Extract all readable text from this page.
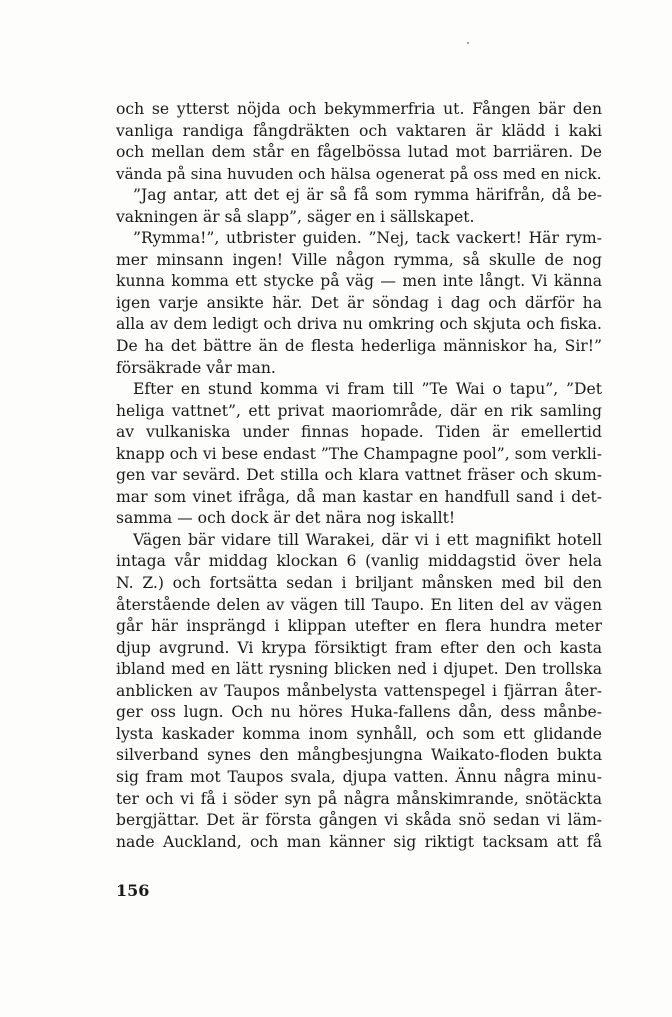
och se ytterst nöjda och bekymmerfria ut. Fången bär den
vanliga randiga fångdräkten och vaktaren är klädd i kaki
och mellan dem står en fågelbössa lutad mot barriären. De
vända på sina huvuden och hälsa ogenerat på oss med en nick.
”Jag antar, att det ej är så få som rymma härifrån, då be-
vakningen är så slapp”, säger en i sällskapet.
”Rymma!”, utbrister guiden. ”Nej, tack vackert! Här rym-
mer minsann ingen! Ville någon rymma, så skulle de nog
kunna komma ett stycke på väg — men inte långt. Vi känna
igen varje ansikte här. Det är söndag i dag och därför ha
alla av dem ledigt och driva nu omkring och skjuta och fiska.
De ha det bättre än de flesta hederliga människor ha, Sir!”
försäkrade vår man.
Efter en stund komma vi fram till ”Te Wai o tapu”, ”Det
heliga vattnet”, ett privat maoriområde, där en rik samling
av vulkaniska under finnas hopade. Tiden är emellertid
knapp och vi bese endast ”The Champagne pool”, som verkli-
gen var sevärd. Det stilla och klara vattnet fräser och skum-
mar som vinet ifråga, då man kastar en handfull sand i det-
samma — och dock är det nära nog iskallt!
Vägen bär vidare till Warakei, där vi i ett magnifikt hotell
intaga vår middag klockan 6 (vanlig middagstid över hela
N. Z.) och fortsätta sedan i briljant månsken med bil den
återstående delen av vägen till Taupo. En liten del av vägen
går här insprängd i klippan utefter en flera hundra meter
djup avgrund. Vi krypa försiktigt fram efter den och kasta
ibland med en lätt rysning blicken ned i djupet. Den trollska
anblicken av Taupos månbelysta vattenspegel i fjärran åter-
ger oss lugn. Och nu höres Huka-fallens dån, dess månbe-
lysta kaskader komma inom synhåll, och som ett glidande
silverband synes den mångbesjungna Waikato-floden bukta
sig fram mot Taupos svala, djupa vatten. Ännu några minu-
ter och vi få i söder syn på några månskimrande, snötäckta
bergjättar. Det är första gången vi skåda snö sedan vi läm-
nade Auckland, och man känner sig riktigt tacksam att få
156
